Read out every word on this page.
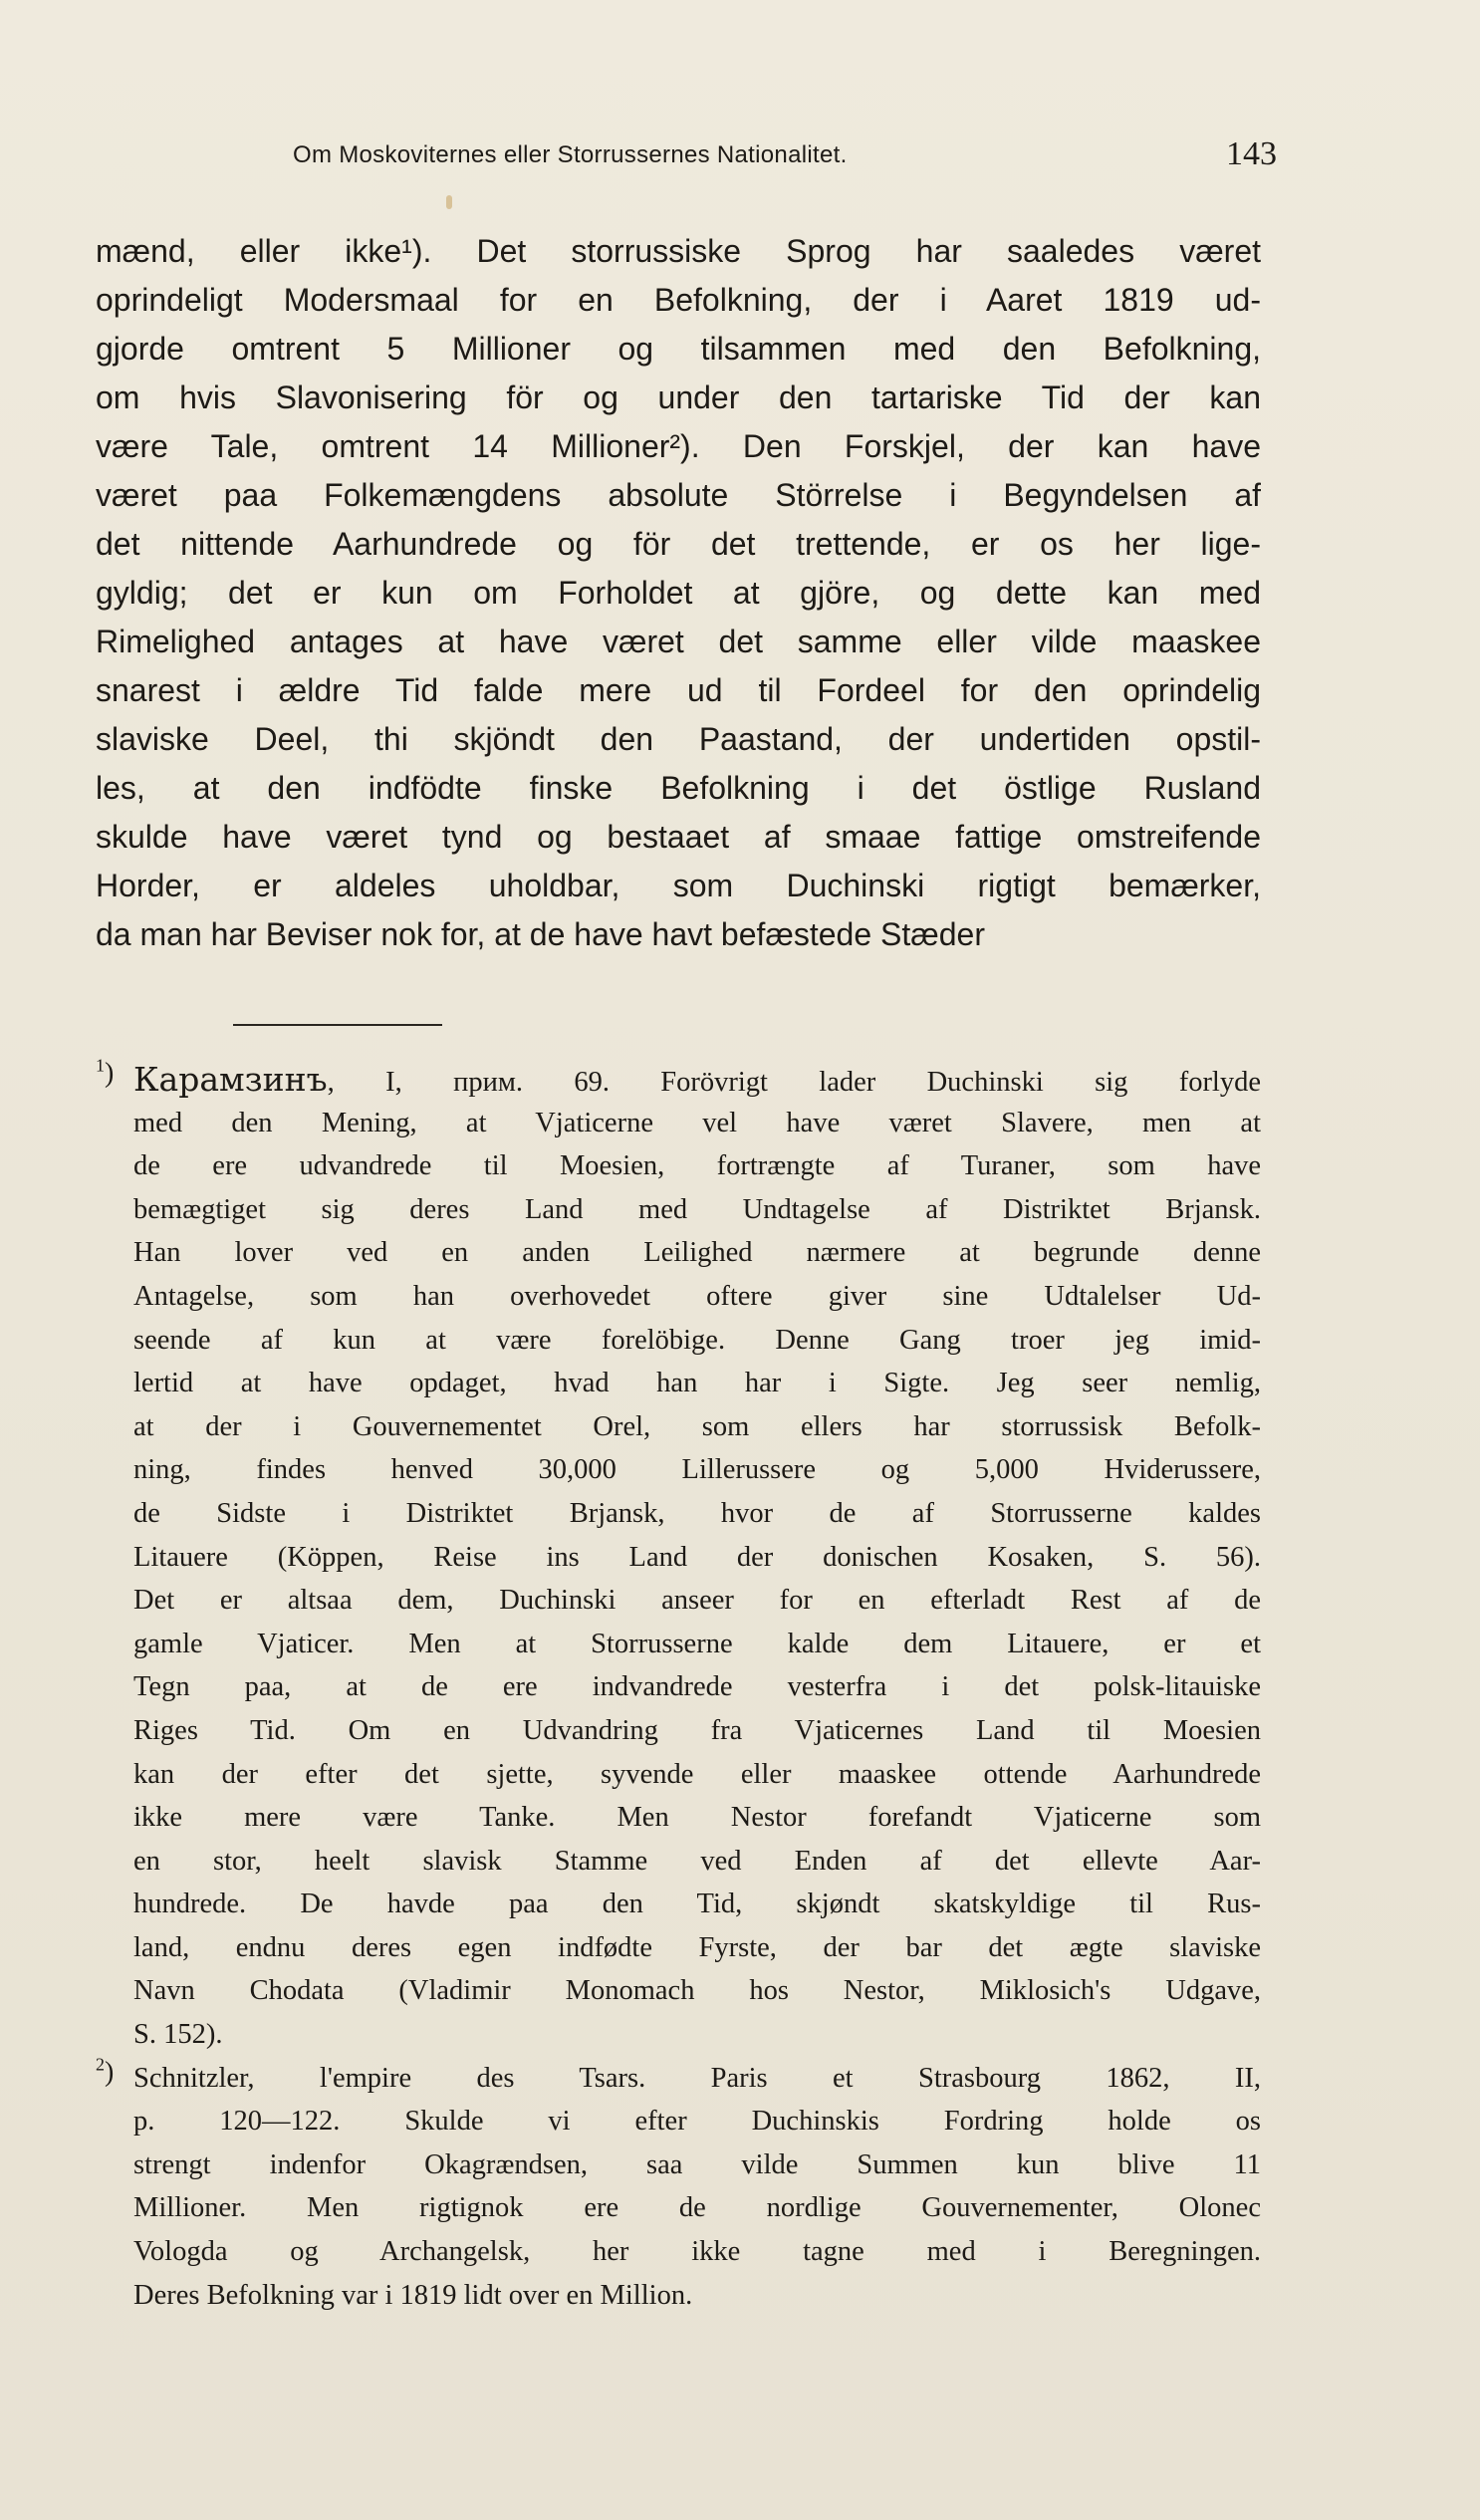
Om Moskoviternes eller Storrussernes Nationalitet.	143
mænd, eller ikke¹). Det storrussiske Sprog har saaledes været
oprindeligt Modersmaal for en Befolkning, der i Aaret 1819 ud-
gjorde omtrent 5 Millioner og tilsammen med den Befolkning,
om hvis Slavonisering för og under den tartariske Tid der kan
være Tale, omtrent 14 Millioner²). Den Forskjel, der kan have
været paa Folkemængdens absolute Störrelse i Begyndelsen af
det nittende Aarhundrede og för det trettende, er os her lige-
gyldig; det er kun om Forholdet at gjöre, og dette kan med
Rimelighed antages at have været det samme eller vilde maaskee
snarest i ældre Tid falde mere ud til Fordeel for den oprindelig
slaviske Deel, thi skjöndt den Paastand, der undertiden opstil-
les, at den indfödte finske Befolkning i det östlige Rusland
skulde have været tynd og bestaaet af smaae fattige omstreifende
Horder, er aldeles uholdbar, som Duchinski rigtigt bemærker,
da man har Beviser nok for, at de have havt befæstede Stæder
$^1$) Карамзинъ, I, прим. 69. Forövrigt lader Duchinski sig forlyde
med den Mening, at Vjaticerne vel have været Slavere, men at
de ere udvandrede til Moesien, fortrængte af Turaner, som have
bemægtiget sig deres Land med Undtagelse af Distriktet Brjansk.
Han lover ved en anden Leilighed nærmere at begrunde denne
Antagelse, som han overhovedet oftere giver sine Udtalelser Ud-
seende af kun at være forelöbige. Denne Gang troer jeg imid-
lertid at have opdaget, hvad han har i Sigte. Jeg seer nemlig,
at der i Gouvernementet Orel, som ellers har storrussisk Befolk-
ning, findes henved 30,000 Lillerussere og 5,000 Hviderussere,
de Sidste i Distriktet Brjansk, hvor de af Storrusserne kaldes
Litauere (Köppen, Reise ins Land der donischen Kosaken, S. 56).
Det er altsaa dem, Duchinski anseer for en efterladt Rest af de
gamle Vjaticer. Men at Storrusserne kalde dem Litauere, er et
Tegn paa, at de ere indvandrede vesterfra i det polsk-litauiske
Riges Tid. Om en Udvandring fra Vjaticernes Land til Moesien
kan der efter det sjette, syvende eller maaskee ottende Aarhundrede
ikke mere være Tanke. Men Nestor forefandt Vjaticerne som
en stor, heelt slavisk Stamme ved Enden af det ellevte Aar-
hundrede. De havde paa den Tid, skjøndt skatskyldige til Rus-
land, endnu deres egen indfødte Fyrste, der bar det ægte slaviske
Navn Chodata (Vladimir Monomach hos Nestor, Miklosich's Udgave,
S. 152).
$^2$) Schnitzler, l'empire des Tsars. Paris et Strasbourg 1862, II,
p. 120—122. Skulde vi efter Duchinskis Fordring holde os
strengt indenfor Okagrændsen, saa vilde Summen kun blive 11
Millioner. Men rigtignok ere de nordlige Gouvernementer, Olonec
Vologda og Archangelsk, her ikke tagne med i Beregningen.
Deres Befolkning var i 1819 lidt over en Million.
